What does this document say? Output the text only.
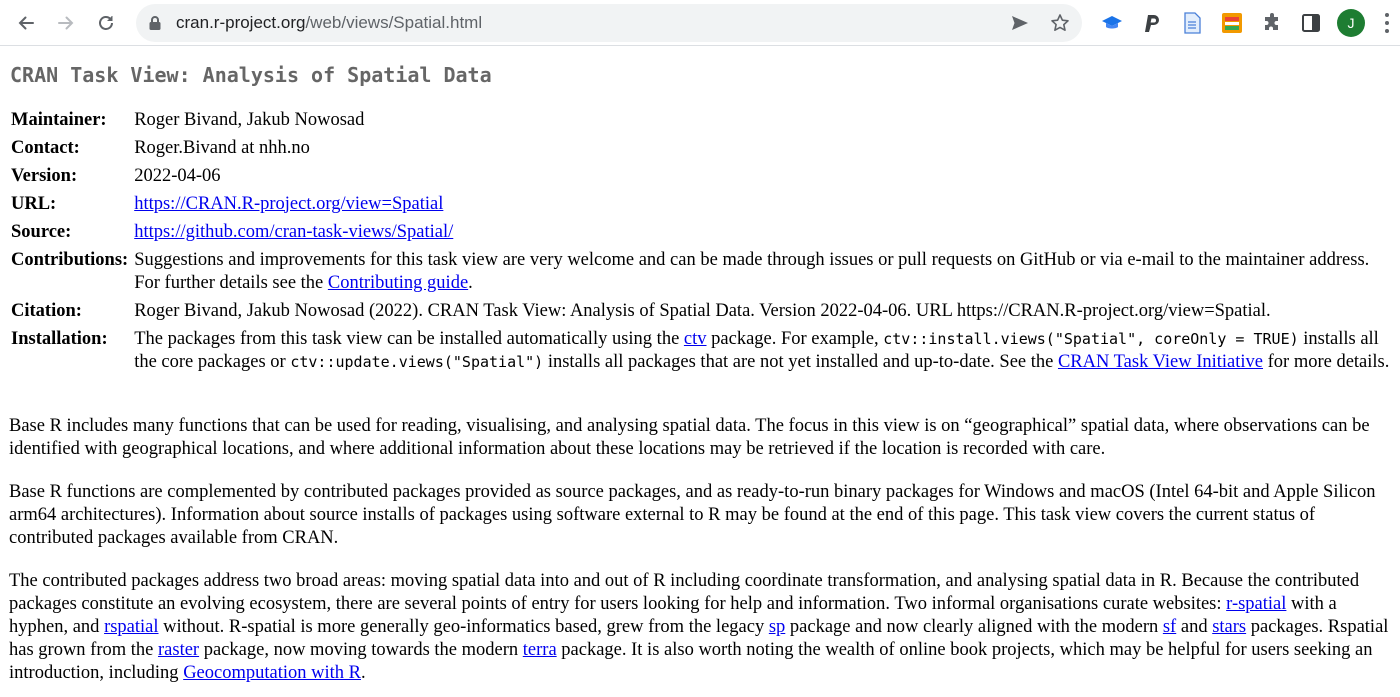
cran.r-project.org/web/views/Spatial.html	J
CRAN Task View: Analysis of Spatial Data
Maintainer:	Roger Bivand, Jakub Nowosad
Contact:	Roger.Bivand at nhh.no
Version:	2022-04-06
URL:	https://CRAN.R-project.org/view=Spatial
Source:	https://github.com/cran-task-views/Spatial/
Contributions:	Suggestions and improvements for this task view are very welcome and can be made through issues or pull requests on GitHub or via e-mail to the maintainer address. For further details see the Contributing guide.
Citation:	Roger Bivand, Jakub Nowosad (2022). CRAN Task View: Analysis of Spatial Data. Version 2022-04-06. URL https://CRAN.R-project.org/view=Spatial.
Installation:	The packages from this task view can be installed automatically using the ctv package. For example, ctv::install.views("Spatial", coreOnly = TRUE) installs all the core packages or ctv::update.views("Spatial") installs all packages that are not yet installed and up-to-date. See the CRAN Task View Initiative for more details.

Base R includes many functions that can be used for reading, visualising, and analysing spatial data. The focus in this view is on “geographical” spatial data, where observations can be identified with geographical locations, and where additional information about these locations may be retrieved if the location is recorded with care.

Base R functions are complemented by contributed packages provided as source packages, and as ready-to-run binary packages for Windows and macOS (Intel 64-bit and Apple Silicon arm64 architectures). Information about source installs of packages using software external to R may be found at the end of this page. This task view covers the current status of contributed packages available from CRAN.

The contributed packages address two broad areas: moving spatial data into and out of R including coordinate transformation, and analysing spatial data in R. Because the contributed packages constitute an evolving ecosystem, there are several points of entry for users looking for help and information. Two informal organisations curate websites: r-spatial with a hyphen, and rspatial without. R-spatial is more generally geo-informatics based, grew from the legacy sp package and now clearly aligned with the modern sf and stars packages. Rspatial has grown from the raster package, now moving towards the modern terra package. It is also worth noting the wealth of online book projects, which may be helpful for users seeking an introduction, including Geocomputation with R.
